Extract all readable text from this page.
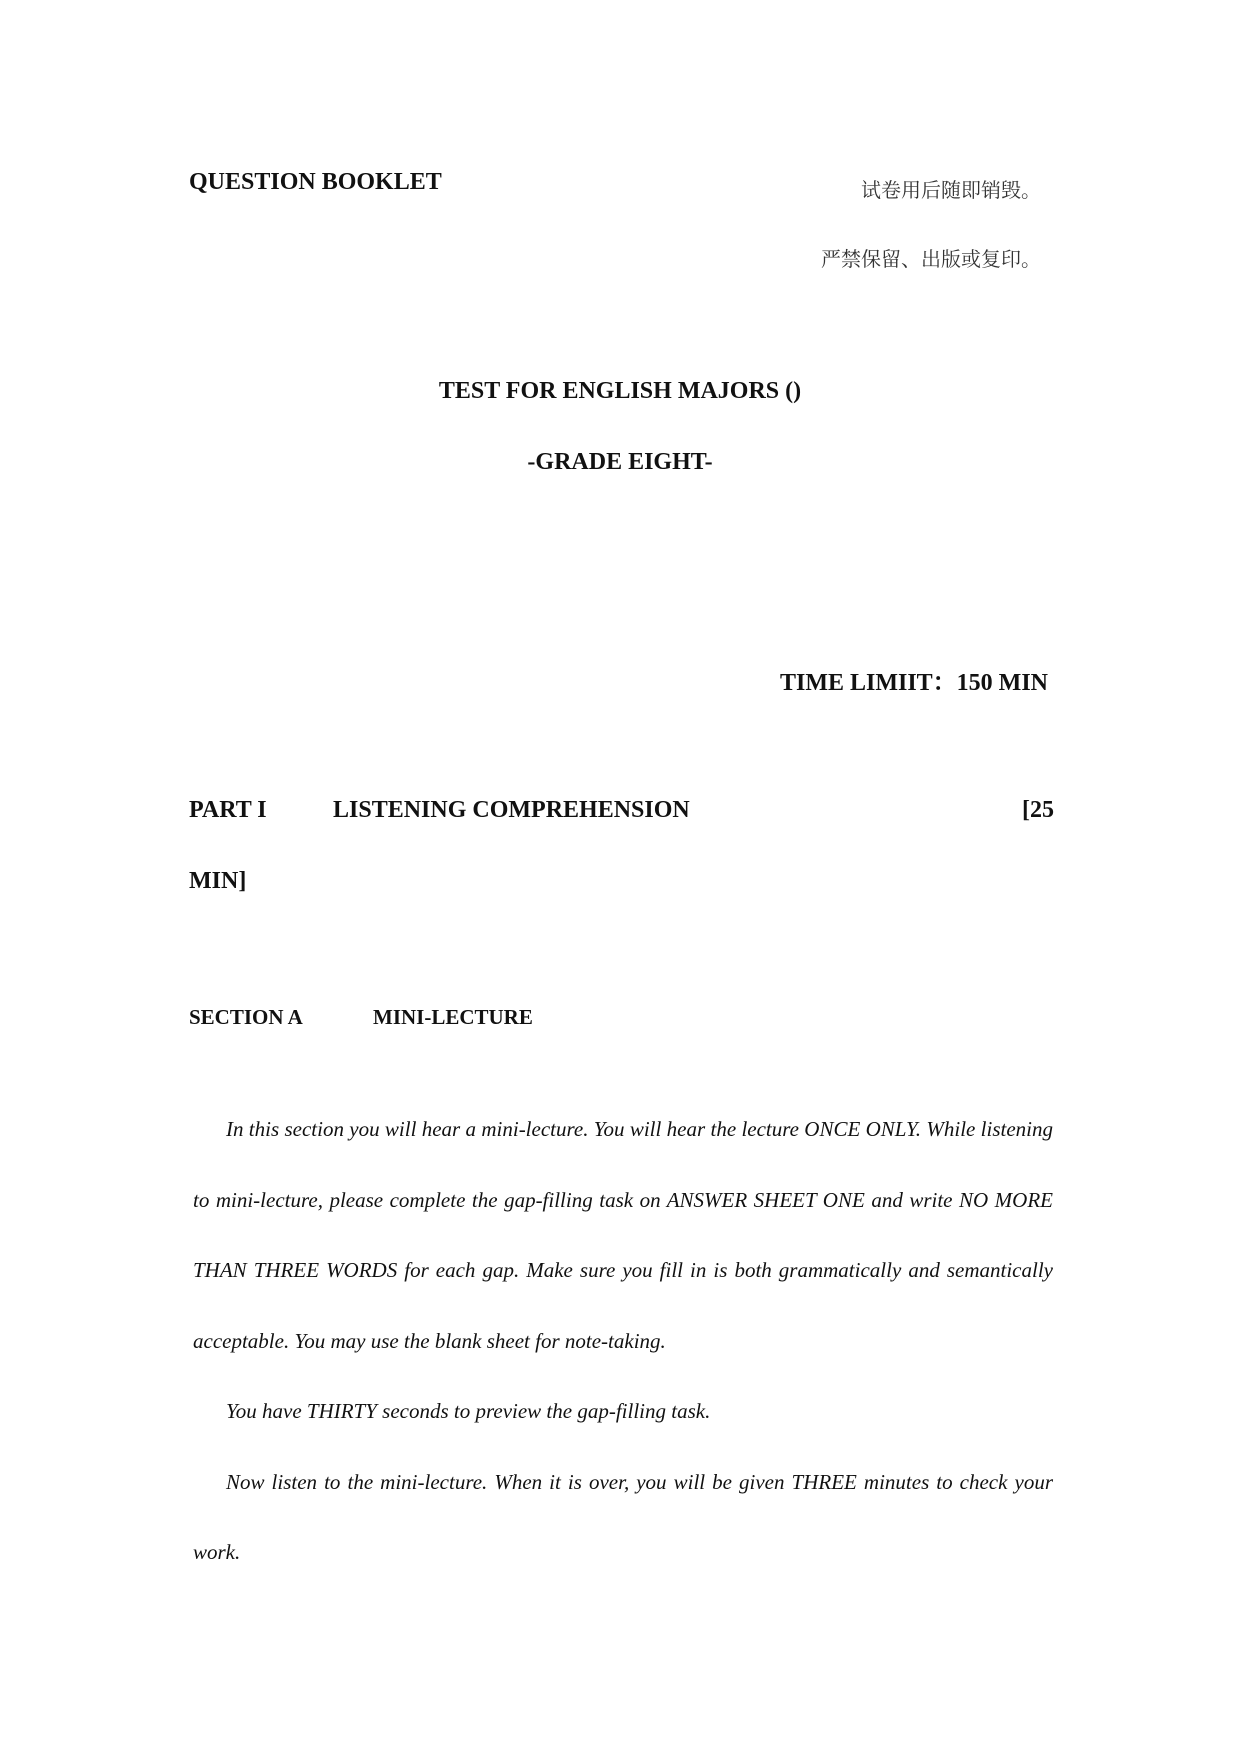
QUESTION BOOKLET	试卷用后随即销毁。
严禁保留、出版或复印。
TEST FOR ENGLISH MAJORS ()
-GRADE EIGHT-
TIME LIMIIT：150 MIN
PART I	LISTENING COMPREHENSION	[25
MIN]
SECTION A	MINI-LECTURE

In this section you will hear a mini-lecture. You will hear the lecture ONCE ONLY. While listening to mini-lecture, please complete the gap-filling task on ANSWER SHEET ONE and write NO MORE THAN THREE WORDS for each gap. Make sure you fill in is both grammatically and semantically acceptable. You may use the blank sheet for note-taking.

You have THIRTY seconds to preview the gap-filling task.

Now listen to the mini-lecture. When it is over, you will be given THREE minutes to check your work.
